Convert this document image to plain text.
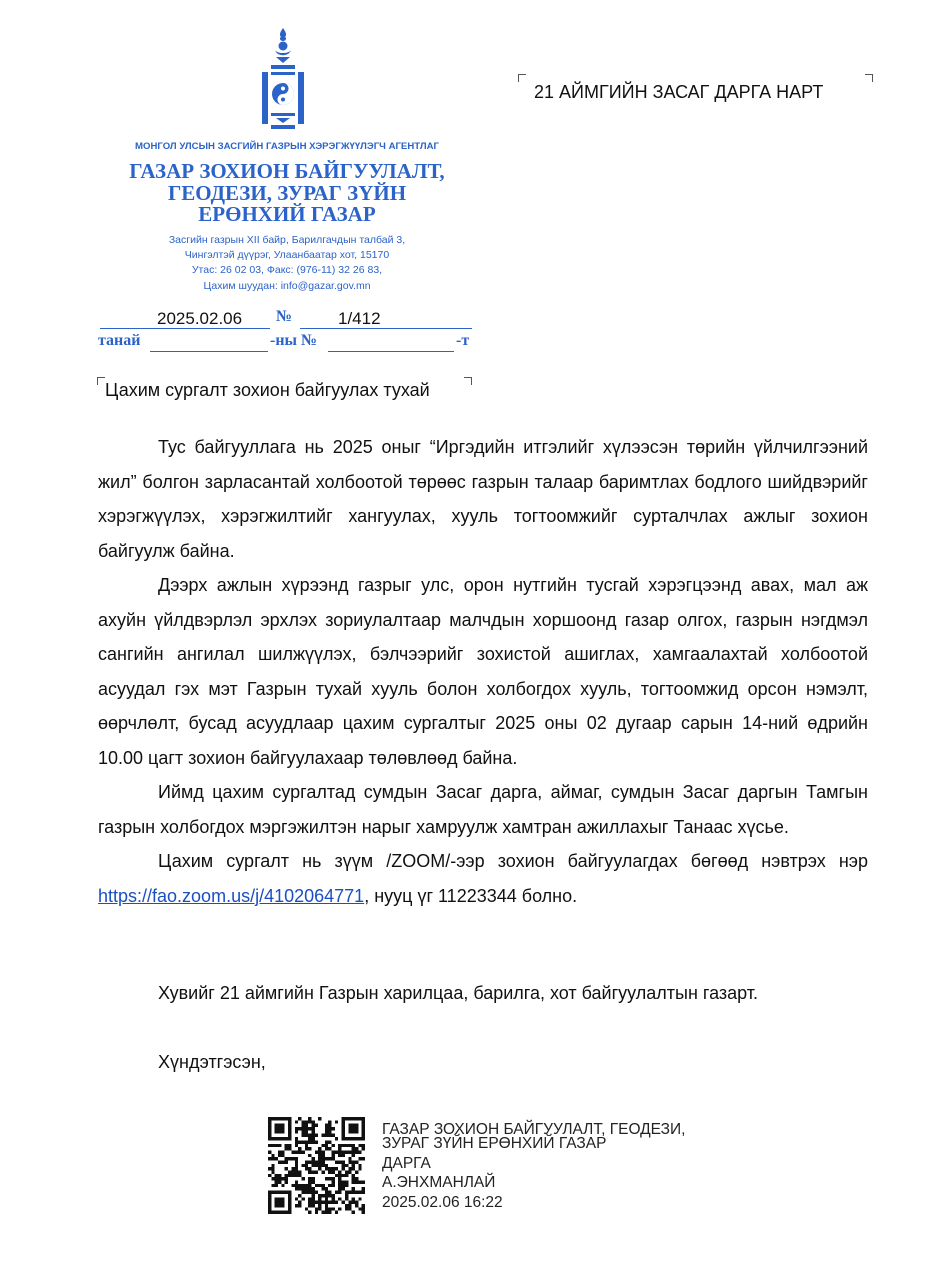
МОНГОЛ УЛСЫН ЗАСГИЙН ГАЗРЫН ХЭРЭГЖҮҮЛЭГЧ АГЕНТЛАГ
ГАЗАР ЗОХИОН БАЙГУУЛАЛТ,
ГЕОДЕЗИ, ЗУРАГ ЗҮЙН
ЕРӨНХИЙ ГАЗАР
Засгийн газрын XII байр, Барилгачдын талбай 3,
Чингэлтэй дүүрэг, Улаанбаатар хот, 15170
Утас: 26 02 03, Факс: (976-11) 32 26 83,
Цахим шуудан: info@gazar.gov.mn
2025.02.06 №	1/412
танай	-ны №	-т
21 АЙМГИЙН ЗАСАГ ДАРГА НАРТ
Цахим сургалт зохион байгуулах тухай

Тус байгууллага нь 2025 оныг “Иргэдийн итгэлийг хүлээсэн төрийн үйлчилгээний жил” болгон зарласантай холбоотой төрөөс газрын талаар баримтлах бодлого шийдвэрийг хэрэгжүүлэх, хэрэгжилтийг хангуулах, хууль тогтоомжийг сурталчлах ажлыг зохион байгуулж байна.

Дээрх ажлын хүрээнд газрыг улс, орон нутгийн тусгай хэрэгцээнд авах, мал аж ахуйн үйлдвэрлэл эрхлэх зориулалтаар малчдын хоршоонд газар олгох, газрын нэгдмэл сангийн ангилал шилжүүлэх, бэлчээрийг зохистой ашиглах, хамгаалахтай холбоотой асуудал гэх мэт Газрын тухай хууль болон холбогдох хууль, тогтоомжид орсон нэмэлт, өөрчлөлт, бусад асуудлаар цахим сургалтыг 2025 оны 02 дугаар сарын 14-ний өдрийн 10.00 цагт зохион байгуулахаар төлөвлөөд байна.

Иймд цахим сургалтад сумдын Засаг дарга, аймаг, сумдын Засаг даргын Тамгын газрын холбогдох мэргэжилтэн нарыг хамруулж хамтран ажиллахыг Танаас хүсье.

Цахим сургалт нь зүүм /ZOOM/-ээр зохион байгуулагдах бөгөөд нэвтрэх нэр https://fao.zoom.us/j/4102064771, нууц үг 11223344 болно.

Хувийг 21 аймгийн Газрын харилцаа, барилга, хот байгуулалтын газарт.
Хүндэтгэсэн,
ГАЗАР ЗОХИОН БАЙГУУЛАЛТ, ГЕОДЕЗИ,
ЗУРАГ ЗҮЙН ЕРӨНХИЙ ГАЗАР
ДАРГА
А.ЭНХМАНЛАЙ
2025.02.06 16:22
